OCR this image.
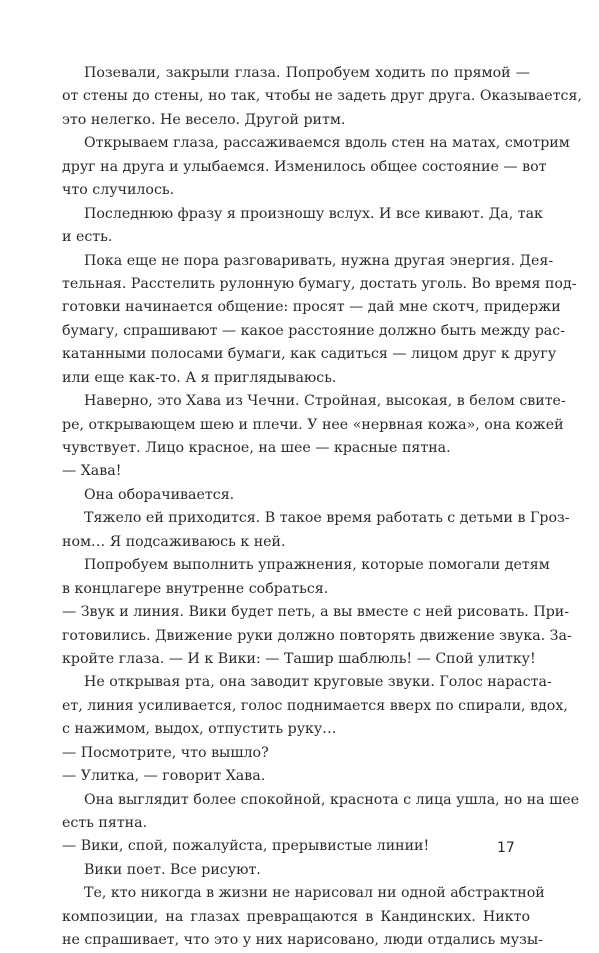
Позевали, закрыли глаза. Попробуем ходить по прямой —
от стены до стены, но так, чтобы не задеть друг друга. Оказывается,
это нелегко. Не весело. Другой ритм.
Открываем глаза, рассаживаемся вдоль стен на матах, смотрим
друг на друга и улыбаемся. Изменилось общее состояние — вот
что случилось.
Последнюю фразу я произношу вслух. И все кивают. Да, так
и есть.
Пока еще не пора разговаривать, нужна другая энергия. Дея-
тельная. Расстелить рулонную бумагу, достать уголь. Во время под-
готовки начинается общение: просят — дай мне скотч, придержи
бумагу, спрашивают — какое расстояние должно быть между рас-
катанными полосами бумаги, как садиться — лицом друг к другу
или еще как-то. А я приглядываюсь.
Наверно, это Хава из Чечни. Стройная, высокая, в белом свите-
ре, открывающем шею и плечи. У нее «нервная кожа», она кожей
чувствует. Лицо красное, на шее — красные пятна.
— Хава!
Она оборачивается.
Тяжело ей приходится. В такое время работать с детьми в Гроз-
ном… Я подсаживаюсь к ней.
Попробуем выполнить упражнения, которые помогали детям
в концлагере внутренне собраться.
— Звук и линия. Вики будет петь, а вы вместе с ней рисовать. При-
готовились. Движение руки должно повторять движение звука. За-
кройте глаза. — И к Вики: — Ташир шаблюль! — Спой улитку!
Не открывая рта, она заводит круговые звуки. Голос нараста-
ет, линия усиливается, голос поднимается вверх по спирали, вдох,
с нажимом, выдох, отпустить руку…
— Посмотрите, что вышло?
— Улитка, — говорит Хава.
Она выглядит более спокойной, краснота с лица ушла, но на шее
есть пятна.
— Вики, спой, пожалуйста, прерывистые линии!
Вики поет. Все рисуют.
Те, кто никогда в жизни не нарисовал ни одной абстрактной
композиции, на глазах превращаются в Кандинских. Никто
не спрашивает, что это у них нарисовано, люди отдались музы-
17
